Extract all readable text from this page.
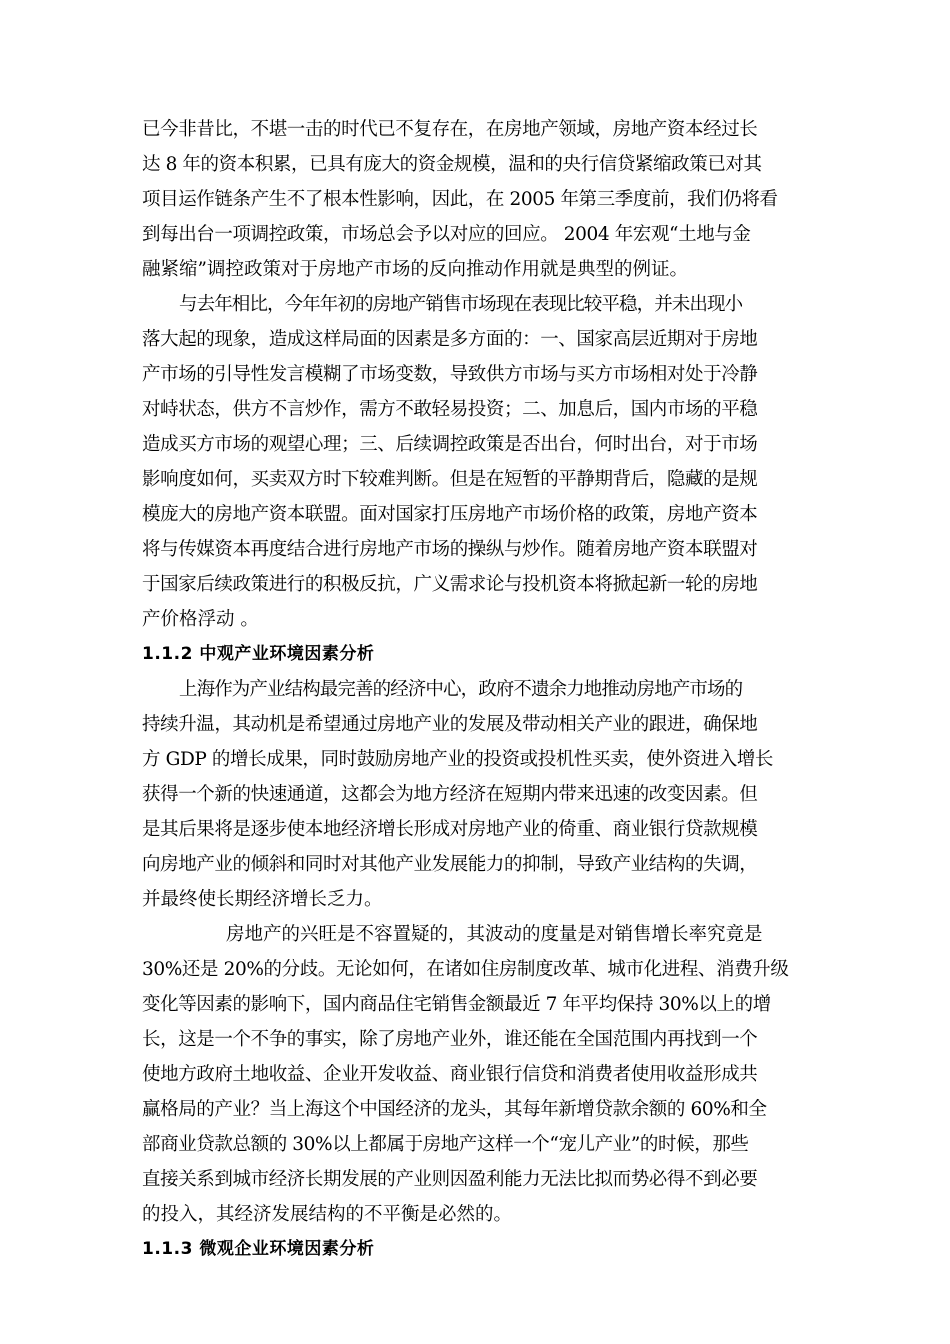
已今非昔比，不堪一击的时代已不复存在，在房地产领域，房地产资本经过长
达 8 年的资本积累，已具有庞大的资金规模，温和的央行信贷紧缩政策已对其
项目运作链条产生不了根本性影响，因此，在 2005 年第三季度前，我们仍将看
到每出台一项调控政策，市场总会予以对应的回应。 2004 年宏观“土地与金
融紧缩”调控政策对于房地产市场的反向推动作用就是典型的例证。
与去年相比，今年年初的房地产销售市场现在表现比较平稳，并未出现小
落大起的现象，造成这样局面的因素是多方面的：一、国家高层近期对于房地
产市场的引导性发言模糊了市场变数，导致供方市场与买方市场相对处于冷静
对峙状态，供方不言炒作，需方不敢轻易投资；二、加息后，国内市场的平稳
造成买方市场的观望心理；三、后续调控政策是否出台，何时出台，对于市场
影响度如何，买卖双方时下较难判断。但是在短暂的平静期背后，隐藏的是规
模庞大的房地产资本联盟。面对国家打压房地产市场价格的政策，房地产资本
将与传媒资本再度结合进行房地产市场的操纵与炒作。随着房地产资本联盟对
于国家后续政策进行的积极反抗，广义需求论与投机资本将掀起新一轮的房地
产价格浮动 。
1.1.2 中观产业环境因素分析
上海作为产业结构最完善的经济中心，政府不遗余力地推动房地产市场的
持续升温，其动机是希望通过房地产业的发展及带动相关产业的跟进，确保地
方 GDP 的增长成果，同时鼓励房地产业的投资或投机性买卖，使外资进入增长
获得一个新的快速通道，这都会为地方经济在短期内带来迅速的改变因素。但
是其后果将是逐步使本地经济增长形成对房地产业的倚重、商业银行贷款规模
向房地产业的倾斜和同时对其他产业发展能力的抑制，导致产业结构的失调，
并最终使长期经济增长乏力。
房地产的兴旺是不容置疑的，其波动的度量是对销售增长率究竟是
30%还是 20%的分歧。无论如何，在诸如住房制度改革、城市化进程、消费升级
变化等因素的影响下，国内商品住宅销售金额最近 7 年平均保持 30%以上的增
长，这是一个不争的事实，除了房地产业外，谁还能在全国范围内再找到一个
使地方政府土地收益、企业开发收益、商业银行信贷和消费者使用收益形成共
赢格局的产业？当上海这个中国经济的龙头，其每年新增贷款余额的 60%和全
部商业贷款总额的 30%以上都属于房地产这样一个“宠儿产业”的时候，那些
直接关系到城市经济长期发展的产业则因盈利能力无法比拟而势必得不到必要
的投入，其经济发展结构的不平衡是必然的。
1.1.3 微观企业环境因素分析
